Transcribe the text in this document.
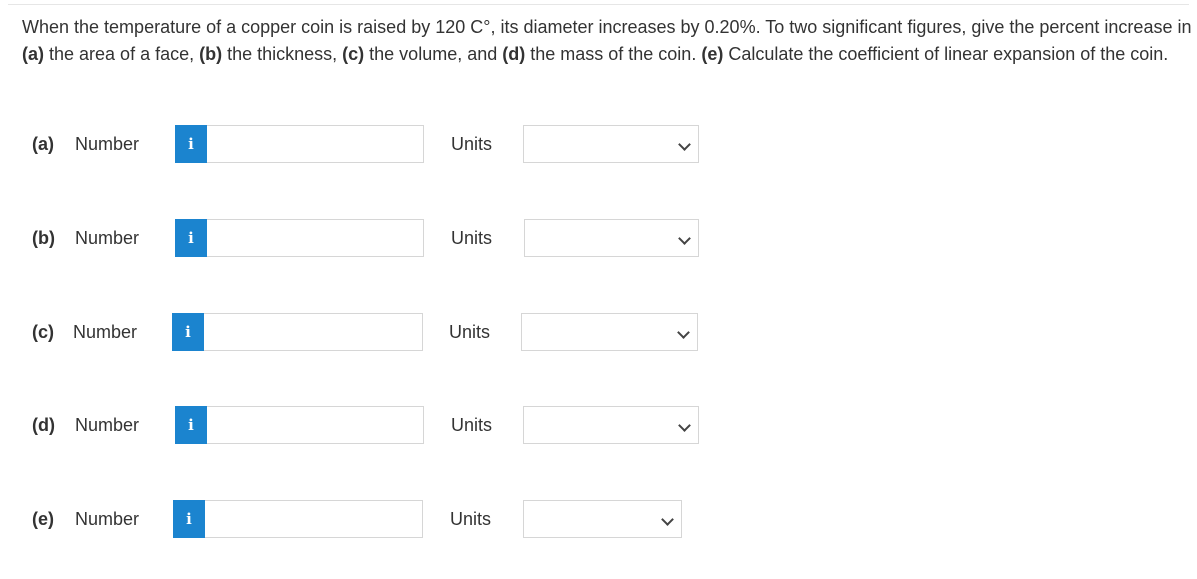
When the temperature of a copper coin is raised by 120 C°, its diameter increases by 0.20%. To two significant figures, give the percent increase in (a) the area of a face, (b) the thickness, (c) the volume, and (d) the mass of the coin. (e) Calculate the coefficient of linear expansion of the coin.
(a) Number	i	Units
(b) Number	i	Units
(c) Number	i	Units
(d) Number	i	Units
(e) Number	i	Units
